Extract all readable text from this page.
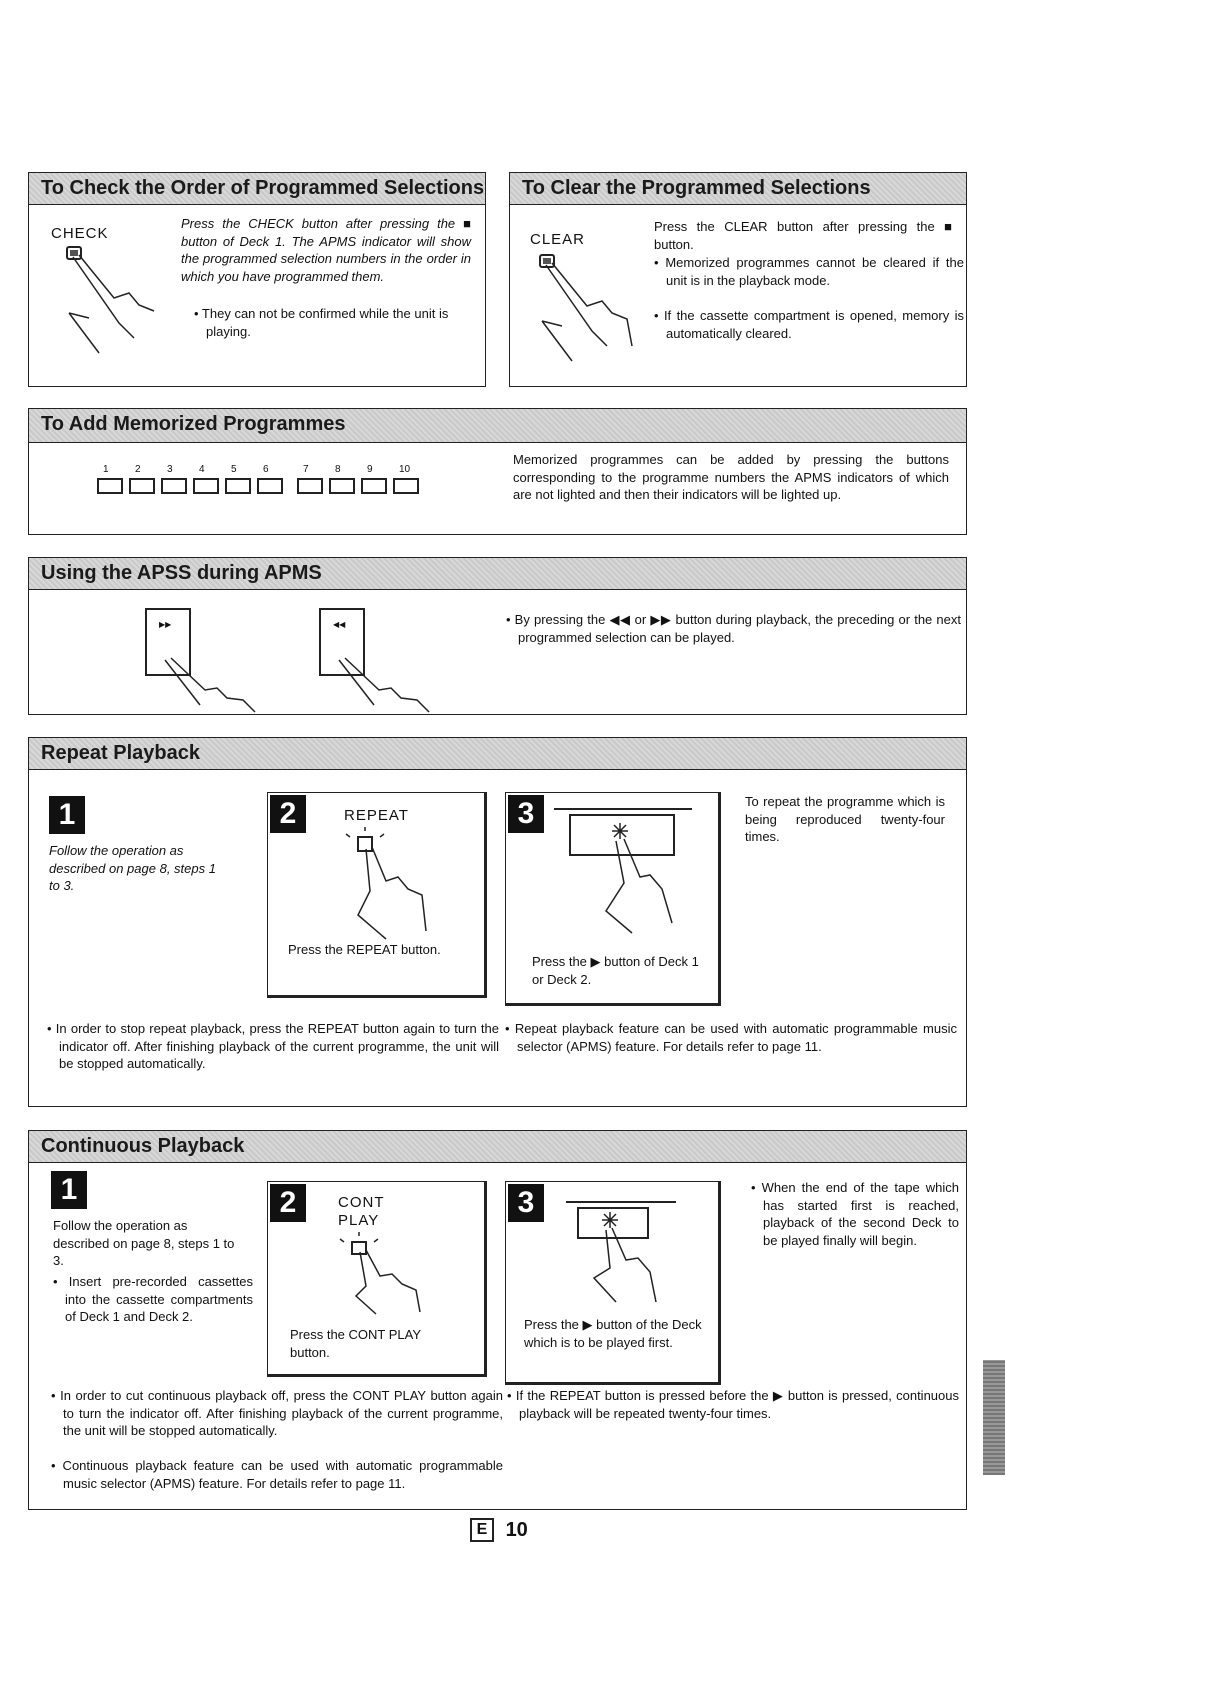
To Check the Order of Programmed Selections
CHECK
Press the CHECK button after pressing the ■ button of Deck 1. The APMS indicator will show the programmed selection numbers in the order in which you have programmed them.
• They can not be confirmed while the unit is playing.
To Clear the Programmed Selections
CLEAR
Press the CLEAR button after pressing the ■ button.
• Memorized programmes cannot be cleared if the unit is in the playback mode.
• If the cassette compartment is opened, memory is automatically cleared.
To Add Memorized Programmes
1	2	3	4	5	6	7	8	9	10
Memorized programmes can be added by pressing the buttons corresponding to the programme numbers the APMS indicators of which are not lighted and then their indicators will be lighted up.
Using the APSS during APMS
▶▶	◀◀	• By pressing the ◀◀ or ▶▶ button during playback, the preceding or the next programmed selection can be played.
Repeat Playback
1
Follow the operation as described on page 8, steps 1 to 3.
2	REPEAT
Press the REPEAT button.
3
Press the ▶ button of Deck 1 or Deck 2.
To repeat the programme which is being reproduced twenty-four times.
• In order to stop repeat playback, press the REPEAT button again to turn the indicator off. After finishing playback of the current programme, the unit will be stopped automatically.
• Repeat playback feature can be used with automatic programmable music selector (APMS) feature. For details refer to page 11.
Continuous Playback
1
Follow the operation as described on page 8, steps 1 to 3.
• Insert pre-recorded cassettes into the cassette compartments of Deck 1 and Deck 2.
2	CONT
PLAY
Press the CONT PLAY button.
3
Press the ▶ button of the Deck which is to be played first.
• When the end of the tape which has started first is reached, playback of the second Deck to be played finally will begin.
• In order to cut continuous playback off, press the CONT PLAY button again to turn the indicator off. After finishing playback of the current programme, the unit will be stopped automatically.
• Continuous playback feature can be used with automatic programmable music selector (APMS) feature. For details refer to page 11.
• If the REPEAT button is pressed before the ▶ button is pressed, continuous playback will be repeated twenty-four times.
E 10
